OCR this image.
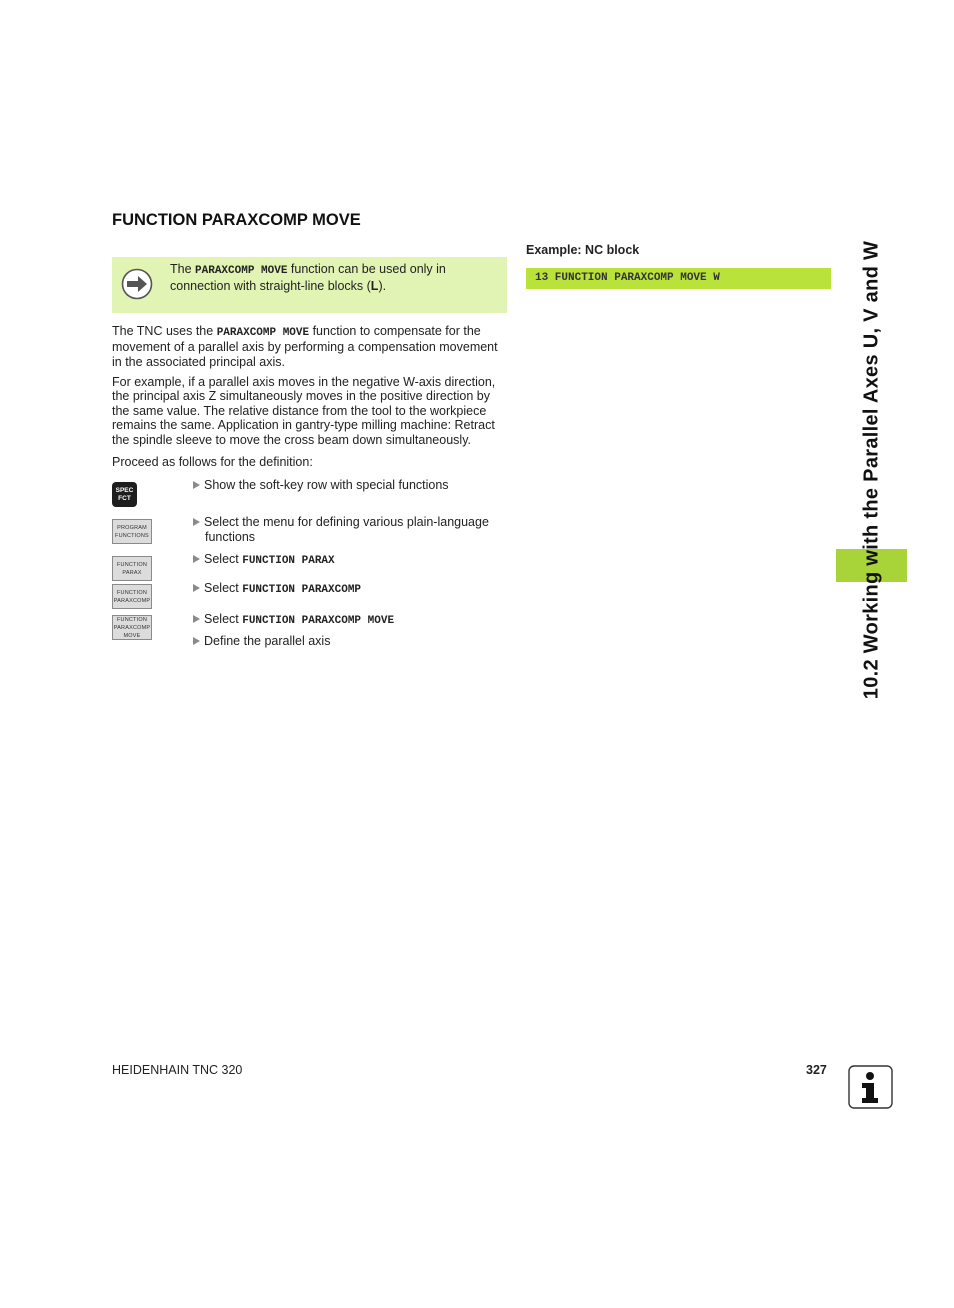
FUNCTION PARAXCOMP MOVE
The PARAXCOMP MOVE function can be used only in connection with straight-line blocks (L).

The TNC uses the PARAXCOMP MOVE function to compensate for the movement of a parallel axis by performing a compensation movement in the associated principal axis.

For example, if a parallel axis moves in the negative W-axis direction, the principal axis Z simultaneously moves in the positive direction by the same value. The relative distance from the tool to the workpiece remains the same. Application in gantry-type milling machine: Retract the spindle sleeve to move the cross beam down simultaneously.

Proceed as follows for the definition:

SPEC
FCT
Show the soft-key row with special functions
PROGRAM
FUNCTIONS
Select the menu for defining various plain-language
functions
FUNCTION
PARAX
Select FUNCTION PARAX
FUNCTION
PARAXCOMP
Select FUNCTION PARAXCOMP
FUNCTION
PARAXCOMP
MOVE
Select FUNCTION PARAXCOMP MOVE
Define the parallel axis
Example: NC block
13 FUNCTION PARAXCOMP MOVE W	10.2 Working with the Parallel Axes U, V and W
HEIDENHAIN TNC 320	327
